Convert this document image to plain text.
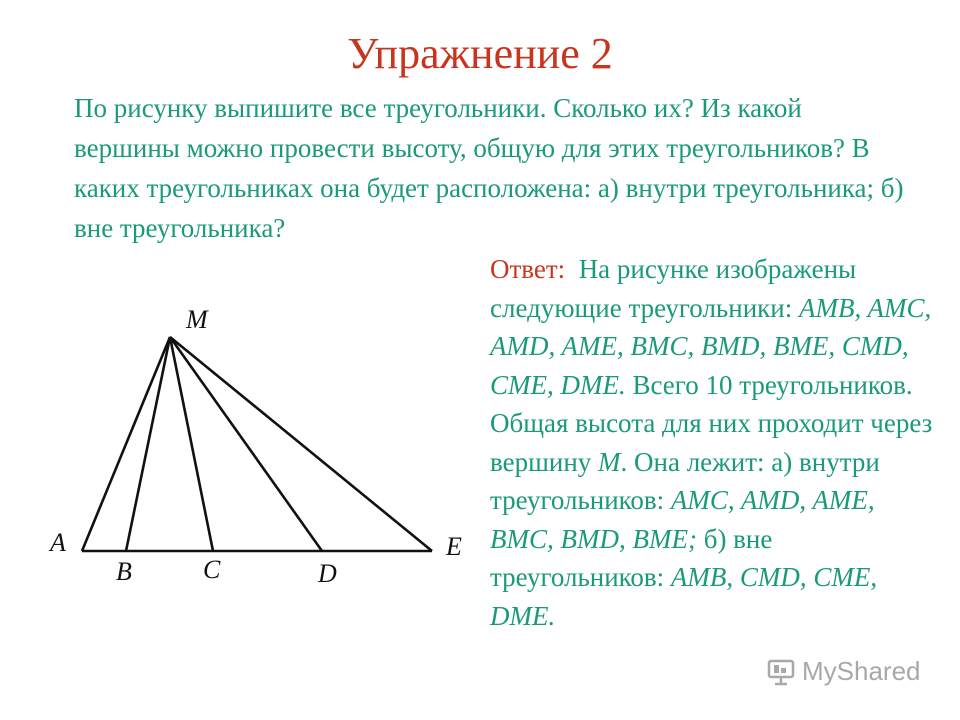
Упражнение 2
По рисунку выпишите все треугольники. Сколько их? Из какой вершины можно провести высоту, общую для этих треугольников? В каких треугольниках она будет расположена: а) внутри треугольника; б) вне треугольника?
Ответ: На рисунке изображены следующие треугольники: AMB, AMC, AMD, AME, BMC, BMD, BME, CMD, CME, DME. Всего 10 треугольников. Общая высота для них проходит через вершину M. Она лежит: а) внутри треугольников: AMC, AMD, AME, BMC, BMD, BME; б) вне треугольников: AMB, CMD, CME, DME.
M
A
B	C	D
E
MyShared
